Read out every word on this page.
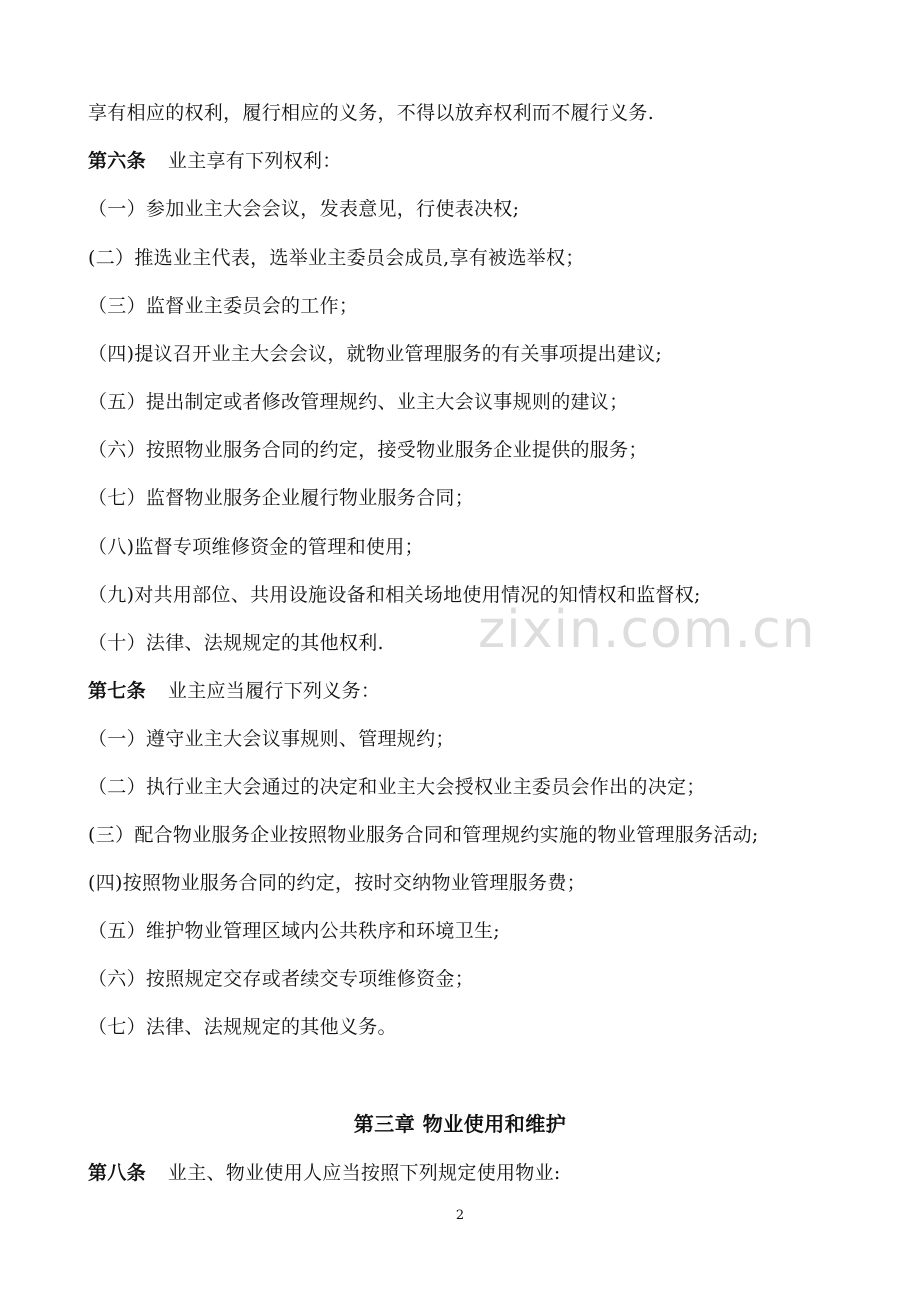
享有相应的权利，履行相应的义务，不得以放弃权利而不履行义务.
第六条 业主享有下列权利：
（一）参加业主大会会议，发表意见，行使表决权;
(二）推选业主代表，选举业主委员会成员,享有被选举权；
（三）监督业主委员会的工作；
（四)提议召开业主大会会议，就物业管理服务的有关事项提出建议;
（五）提出制定或者修改管理规约、业主大会议事规则的建议；
（六）按照物业服务合同的约定，接受物业服务企业提供的服务；
（七）监督物业服务企业履行物业服务合同；
（八)监督专项维修资金的管理和使用；
（九)对共用部位、共用设施设备和相关场地使用情况的知情权和监督权;
（十）法律、法规规定的其他权利.
第七条 业主应当履行下列义务：
（一）遵守业主大会议事规则、管理规约；
（二）执行业主大会通过的决定和业主大会授权业主委员会作出的决定；
(三）配合物业服务企业按照物业服务合同和管理规约实施的物业管理服务活动;
(四)按照物业服务合同的约定，按时交纳物业管理服务费；
（五）维护物业管理区域内公共秩序和环境卫生;
（六）按照规定交存或者续交专项维修资金；
（七）法律、法规规定的其他义务。
第三章 物业使用和维护
第八条 业主、物业使用人应当按照下列规定使用物业:
2
zixin.com.cn
